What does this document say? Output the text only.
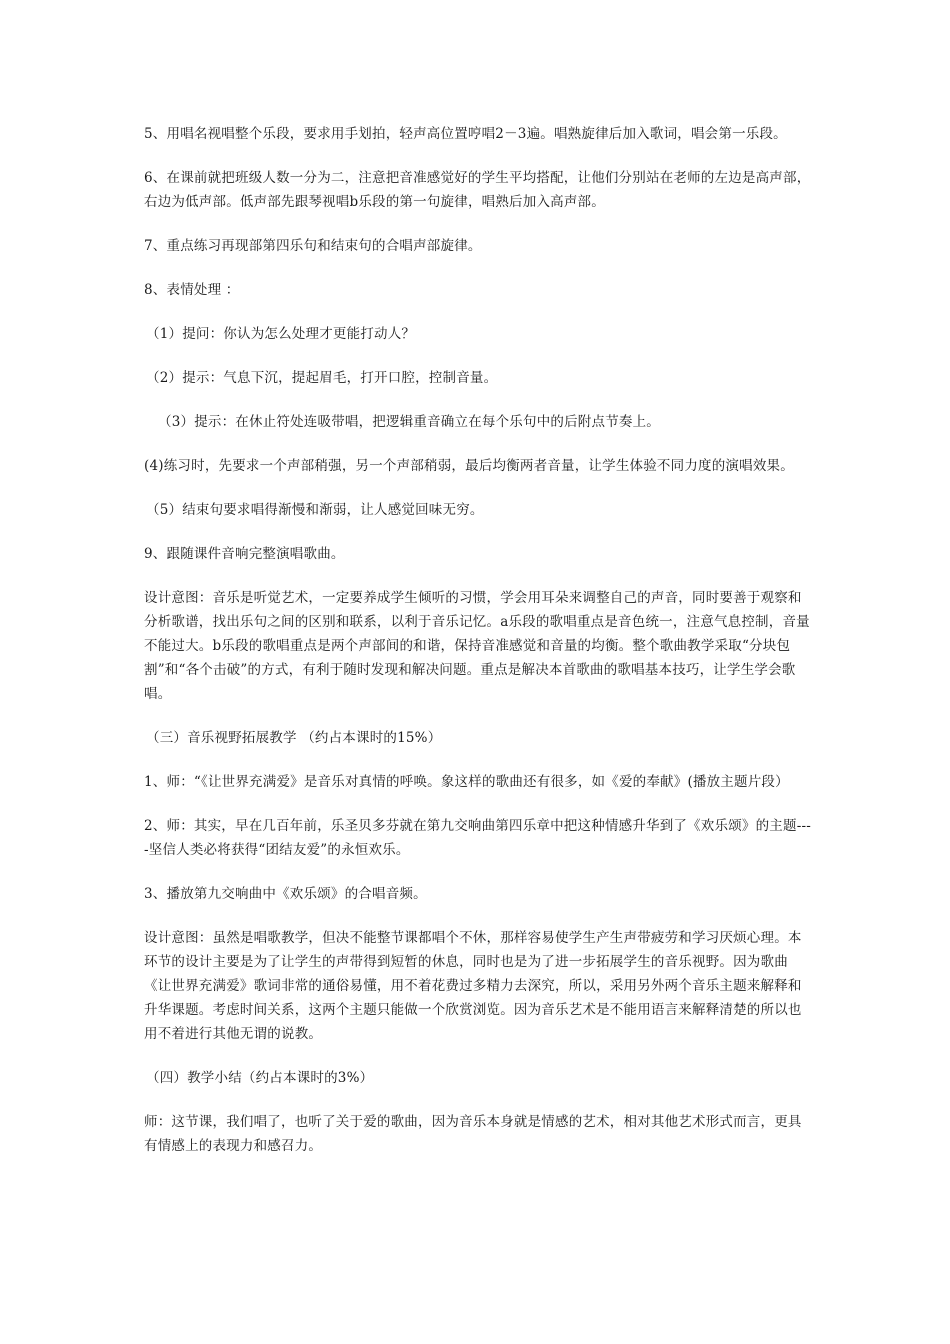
5、用唱名视唱整个乐段，要求用手划拍，轻声高位置哼唱2－3遍。唱熟旋律后加入歌词，唱会第一乐段。

6、在课前就把班级人数一分为二，注意把音准感觉好的学生平均搭配，让他们分别站在老师的左边是高声部，右边为低声部。低声部先跟琴视唱b乐段的第一句旋律，唱熟后加入高声部。

7、重点练习再现部第四乐句和结束句的合唱声部旋律。

8、表情处理 ：

（1）提问：你认为怎么处理才更能打动人？

（2）提示：气息下沉，提起眉毛，打开口腔，控制音量。

（3）提示：在休止符处连吸带唱，把逻辑重音确立在每个乐句中的后附点节奏上。

(4)练习时，先要求一个声部稍强，另一个声部稍弱，最后均衡两者音量，让学生体验不同力度的演唱效果。

（5）结束句要求唱得渐慢和渐弱，让人感觉回味无穷。

9、跟随课件音响完整演唱歌曲。

设计意图：音乐是听觉艺术，一定要养成学生倾听的习惯，学会用耳朵来调整自己的声音，同时要善于观察和分析歌谱，找出乐句之间的区别和联系，以利于音乐记忆。a乐段的歌唱重点是音色统一，注意气息控制，音量不能过大。b乐段的歌唱重点是两个声部间的和谐，保持音准感觉和音量的均衡。整个歌曲教学采取“分块包割”和“各个击破”的方式，有利于随时发现和解决问题。重点是解决本首歌曲的歌唱基本技巧，让学生学会歌唱。

（三）音乐视野拓展教学 （约占本课时的15%）

1、师：“《让世界充满爱》是音乐对真情的呼唤。象这样的歌曲还有很多，如《爱的奉献》(播放主题片段）

2、师：其实，早在几百年前，乐圣贝多芬就在第九交响曲第四乐章中把这种情感升华到了《欢乐颂》的主题----坚信人类必将获得“团结友爱”的永恒欢乐。

3、播放第九交响曲中《欢乐颂》的合唱音频。

设计意图：虽然是唱歌教学，但决不能整节课都唱个不休，那样容易使学生产生声带疲劳和学习厌烦心理。本环节的设计主要是为了让学生的声带得到短暂的休息，同时也是为了进一步拓展学生的音乐视野。因为歌曲《让世界充满爱》歌词非常的通俗易懂，用不着花费过多精力去深究，所以，采用另外两个音乐主题来解释和升华课题。考虑时间关系，这两个主题只能做一个欣赏浏览。因为音乐艺术是不能用语言来解释清楚的所以也用不着进行其他无谓的说教。

（四）教学小结（约占本课时的3%）

师：这节课，我们唱了，也听了关于爱的歌曲，因为音乐本身就是情感的艺术，相对其他艺术形式而言，更具有情感上的表现力和感召力。
